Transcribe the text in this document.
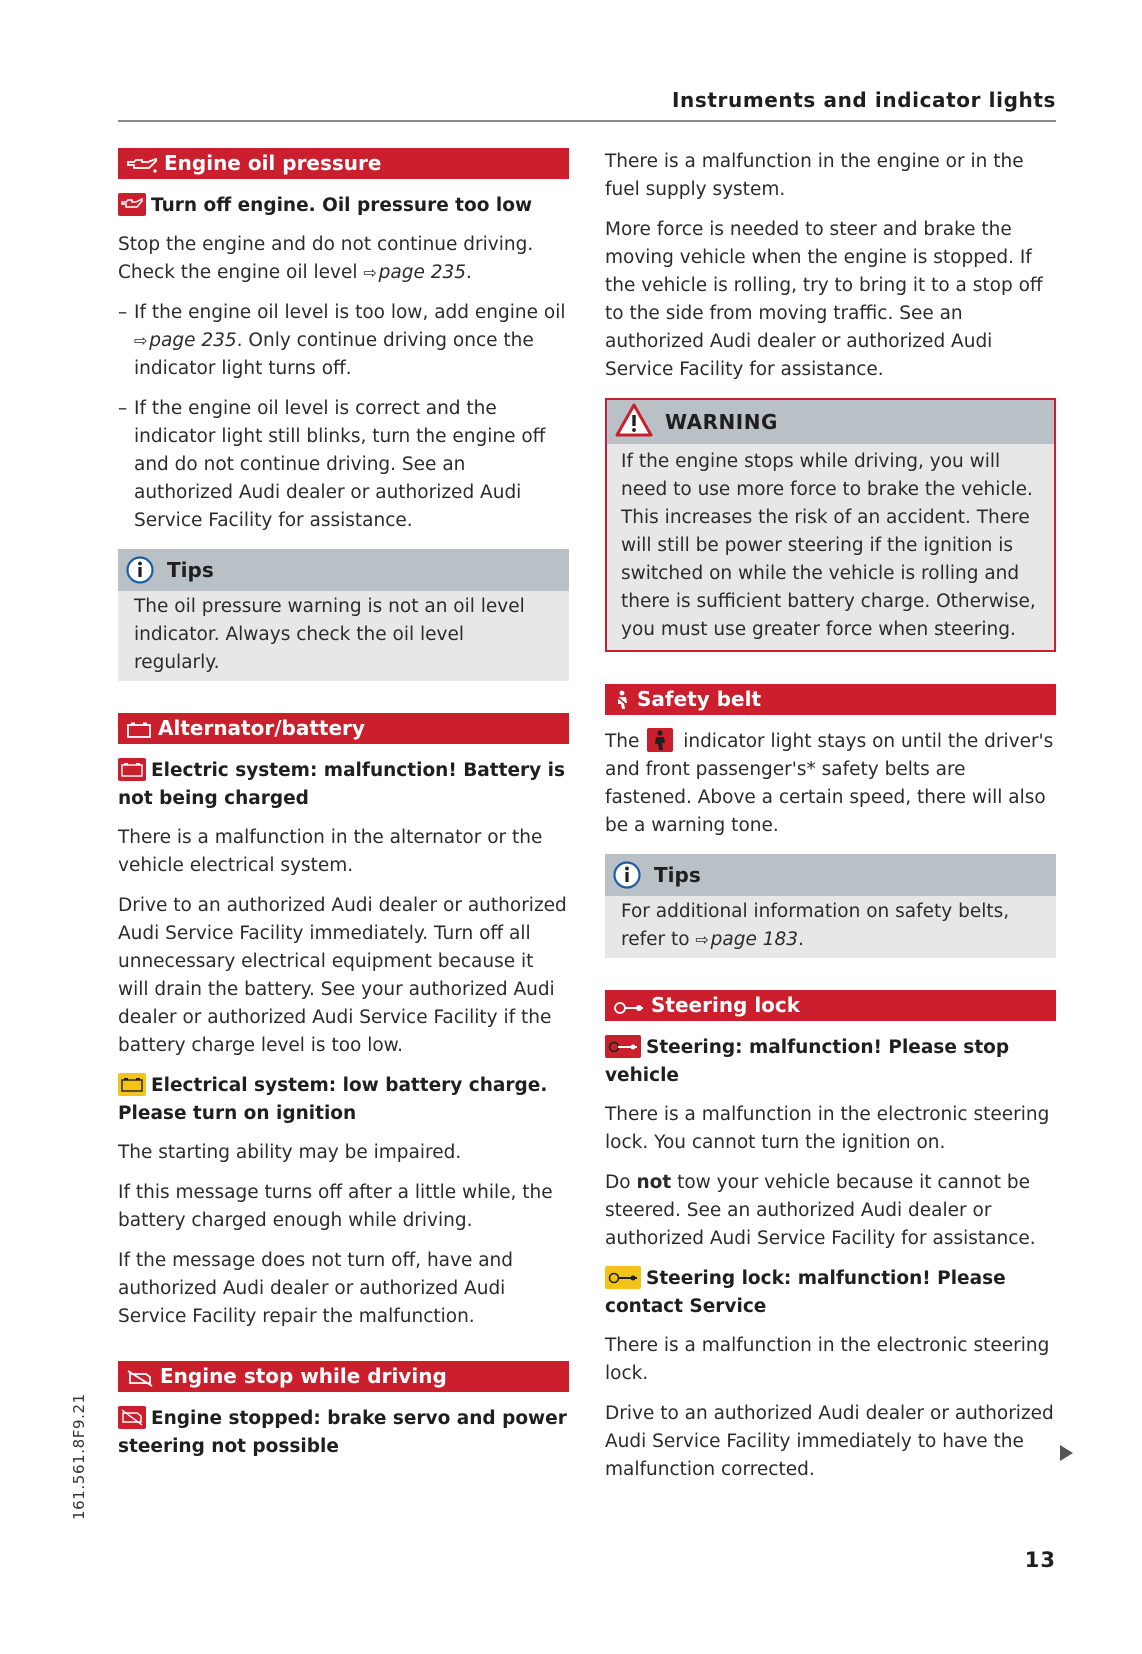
Instruments and indicator lights
Engine oil pressure
Turn off engine. Oil pressure too low

Stop the engine and do not continue driving. Check the engine oil level ⇨ page 235.

– If the engine oil level is too low, add engine oil ⇨ page 235. Only continue driving once the indicator light turns off.

– If the engine oil level is correct and the indicator light still blinks, turn the engine off and do not continue driving. See an authorized Audi dealer or authorized Audi Service Facility for assistance.

Tips

The oil pressure warning is not an oil level indicator. Always check the oil level regularly.

Alternator/battery
Electric system: malfunction! Battery is not being charged

There is a malfunction in the alternator or the vehicle electrical system.

Drive to an authorized Audi dealer or authorized Audi Service Facility immediately. Turn off all unnecessary electrical equipment because it will drain the battery. See your authorized Audi dealer or authorized Audi Service Facility if the battery charge level is too low.

Electrical system: low battery charge. Please turn on ignition

The starting ability may be impaired.

If this message turns off after a little while, the battery charged enough while driving.

If the message does not turn off, have and authorized Audi dealer or authorized Audi Service Facility repair the malfunction.

Engine stop while driving
Engine stopped: brake servo and power steering not possible

There is a malfunction in the engine or in the fuel supply system.

More force is needed to steer and brake the moving vehicle when the engine is stopped. If the vehicle is rolling, try to bring it to a stop off to the side from moving traffic. See an authorized Audi dealer or authorized Audi Service Facility for assistance.

WARNING

If the engine stops while driving, you will need to use more force to brake the vehicle. This increases the risk of an accident. There will still be power steering if the ignition is switched on while the vehicle is rolling and there is sufficient battery charge. Otherwise, you must use greater force when steering.

Safety belt

The indicator light stays on until the driver's and front passenger's* safety belts are fastened. Above a certain speed, there will also be a warning tone.

Tips

For additional information on safety belts, refer to ⇨ page 183.

Steering lock
Steering: malfunction! Please stop vehicle

There is a malfunction in the electronic steering lock. You cannot turn the ignition on.

Do not tow your vehicle because it cannot be steered. See an authorized Audi dealer or authorized Audi Service Facility for assistance.

Steering lock: malfunction! Please contact Service

There is a malfunction in the electronic steering lock.

Drive to an authorized Audi dealer or authorized Audi Service Facility immediately to have the malfunction corrected.

161.561.8F9.21
13
